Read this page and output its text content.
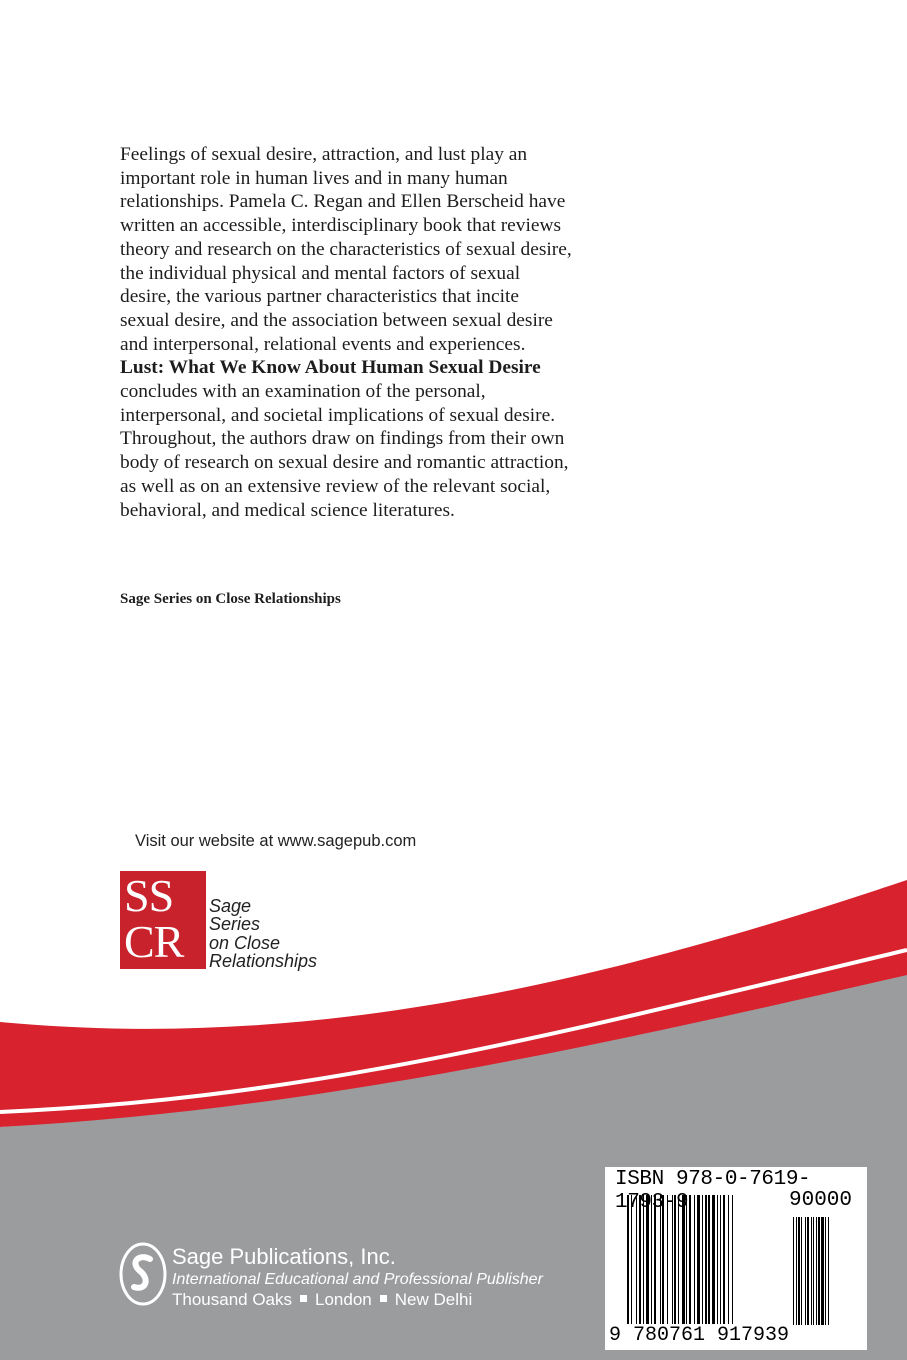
Feelings of sexual desire, attraction, and lust play an important role in human lives and in many human relationships. Pamela C. Regan and Ellen Berscheid have written an accessible, interdisciplinary book that reviews theory and research on the characteristics of sexual desire, the individual physical and mental factors of sexual desire, the various partner characteristics that incite sexual desire, and the association between sexual desire and interpersonal, relational events and experiences. Lust: What We Know About Human Sexual Desire concludes with an examination of the personal, interpersonal, and societal implications of sexual desire. Throughout, the authors draw on findings from their own body of research on sexual desire and romantic attraction, as well as on an extensive review of the relevant social, behavioral, and medical science literatures.
Sage Series on Close Relationships
Visit our website at www.sagepub.com
SS
CR
Sage
Series
on Close
Relationships
Sage Publications, Inc.
International Educational and Professional Publisher
Thousand Oaks London New Delhi
ISBN 978-0-7619-1793-9	90000
9 780761 917939
